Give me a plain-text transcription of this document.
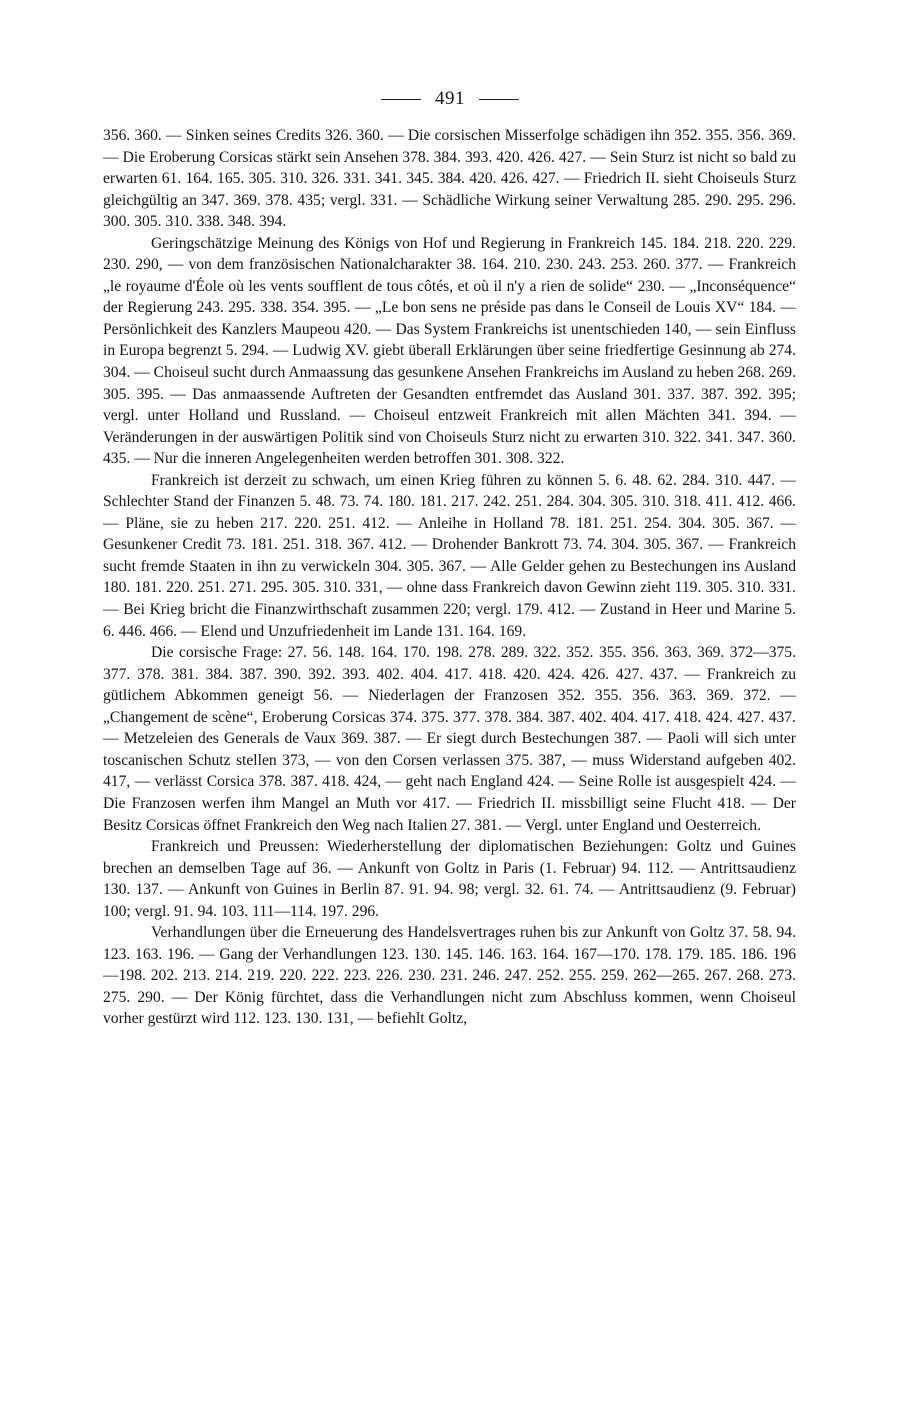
491

356. 360. — Sinken seines Credits 326. 360. — Die corsischen Misserfolge schädigen ihn 352. 355. 356. 369. — Die Eroberung Corsicas stärkt sein Ansehen 378. 384. 393. 420. 426. 427. — Sein Sturz ist nicht so bald zu erwarten 61. 164. 165. 305. 310. 326. 331. 341. 345. 384. 420. 426. 427. — Friedrich II. sieht Choiseuls Sturz gleichgültig an 347. 369. 378. 435; vergl. 331. — Schädliche Wirkung seiner Verwaltung 285. 290. 295. 296. 300. 305. 310. 338. 348. 394.

Geringschätzige Meinung des Königs von Hof und Regierung in Frankreich 145. 184. 218. 220. 229. 230. 290, — von dem französischen Nationalcharakter 38. 164. 210. 230. 243. 253. 260. 377. — Frankreich „le royaume d'Éole où les vents soufflent de tous côtés, et où il n'y a rien de solide“ 230. — „Inconséquence“ der Regierung 243. 295. 338. 354. 395. — „Le bon sens ne préside pas dans le Conseil de Louis XV“ 184. — Persönlichkeit des Kanzlers Maupeou 420. — Das System Frankreichs ist unentschieden 140, — sein Einfluss in Europa begrenzt 5. 294. — Ludwig XV. giebt überall Erklärungen über seine friedfertige Gesinnung ab 274. 304. — Choiseul sucht durch Anmaassung das gesunkene Ansehen Frankreichs im Ausland zu heben 268. 269. 305. 395. — Das anmaassende Auftreten der Gesandten entfremdet das Ausland 301. 337. 387. 392. 395; vergl. unter Holland und Russland. — Choiseul entzweit Frankreich mit allen Mächten 341. 394. — Veränderungen in der auswärtigen Politik sind von Choiseuls Sturz nicht zu erwarten 310. 322. 341. 347. 360. 435. — Nur die inneren Angelegenheiten werden betroffen 301. 308. 322.

Frankreich ist derzeit zu schwach, um einen Krieg führen zu können 5. 6. 48. 62. 284. 310. 447. — Schlechter Stand der Finanzen 5. 48. 73. 74. 180. 181. 217. 242. 251. 284. 304. 305. 310. 318. 411. 412. 466. — Pläne, sie zu heben 217. 220. 251. 412. — Anleihe in Holland 78. 181. 251. 254. 304. 305. 367. — Gesunkener Credit 73. 181. 251. 318. 367. 412. — Drohender Bankrott 73. 74. 304. 305. 367. — Frankreich sucht fremde Staaten in ihn zu verwickeln 304. 305. 367. — Alle Gelder gehen zu Bestechungen ins Ausland 180. 181. 220. 251. 271. 295. 305. 310. 331, — ohne dass Frankreich davon Gewinn zieht 119. 305. 310. 331. — Bei Krieg bricht die Finanzwirthschaft zusammen 220; vergl. 179. 412. — Zustand in Heer und Marine 5. 6. 446. 466. — Elend und Unzufriedenheit im Lande 131. 164. 169.

Die corsische Frage: 27. 56. 148. 164. 170. 198. 278. 289. 322. 352. 355. 356. 363. 369. 372—375. 377. 378. 381. 384. 387. 390. 392. 393. 402. 404. 417. 418. 420. 424. 426. 427. 437. — Frankreich zu gütlichem Abkommen geneigt 56. — Niederlagen der Franzosen 352. 355. 356. 363. 369. 372. — „Changement de scène“, Eroberung Corsicas 374. 375. 377. 378. 384. 387. 402. 404. 417. 418. 424. 427. 437. — Metzeleien des Generals de Vaux 369. 387. — Er siegt durch Bestechungen 387. — Paoli will sich unter toscanischen Schutz stellen 373, — von den Corsen verlassen 375. 387, — muss Widerstand aufgeben 402. 417, — verlässt Corsica 378. 387. 418. 424, — geht nach England 424. — Seine Rolle ist ausgespielt 424. — Die Franzosen werfen ihm Mangel an Muth vor 417. — Friedrich II. missbilligt seine Flucht 418. — Der Besitz Corsicas öffnet Frankreich den Weg nach Italien 27. 381. — Vergl. unter England und Oesterreich.

Frankreich und Preussen: Wiederherstellung der diplomatischen Beziehungen: Goltz und Guines brechen an demselben Tage auf 36. — Ankunft von Goltz in Paris (1. Februar) 94. 112. — Antrittsaudienz 130. 137. — Ankunft von Guines in Berlin 87. 91. 94. 98; vergl. 32. 61. 74. — Antrittsaudienz (9. Februar) 100; vergl. 91. 94. 103. 111—114. 197. 296.

Verhandlungen über die Erneuerung des Handelsvertrages ruhen bis zur Ankunft von Goltz 37. 58. 94. 123. 163. 196. — Gang der Verhandlungen 123. 130. 145. 146. 163. 164. 167—170. 178. 179. 185. 186. 196—198. 202. 213. 214. 219. 220. 222. 223. 226. 230. 231. 246. 247. 252. 255. 259. 262—265. 267. 268. 273. 275. 290. — Der König fürchtet, dass die Verhandlungen nicht zum Abschluss kommen, wenn Choiseul vorher gestürzt wird 112. 123. 130. 131, — befiehlt Goltz,
